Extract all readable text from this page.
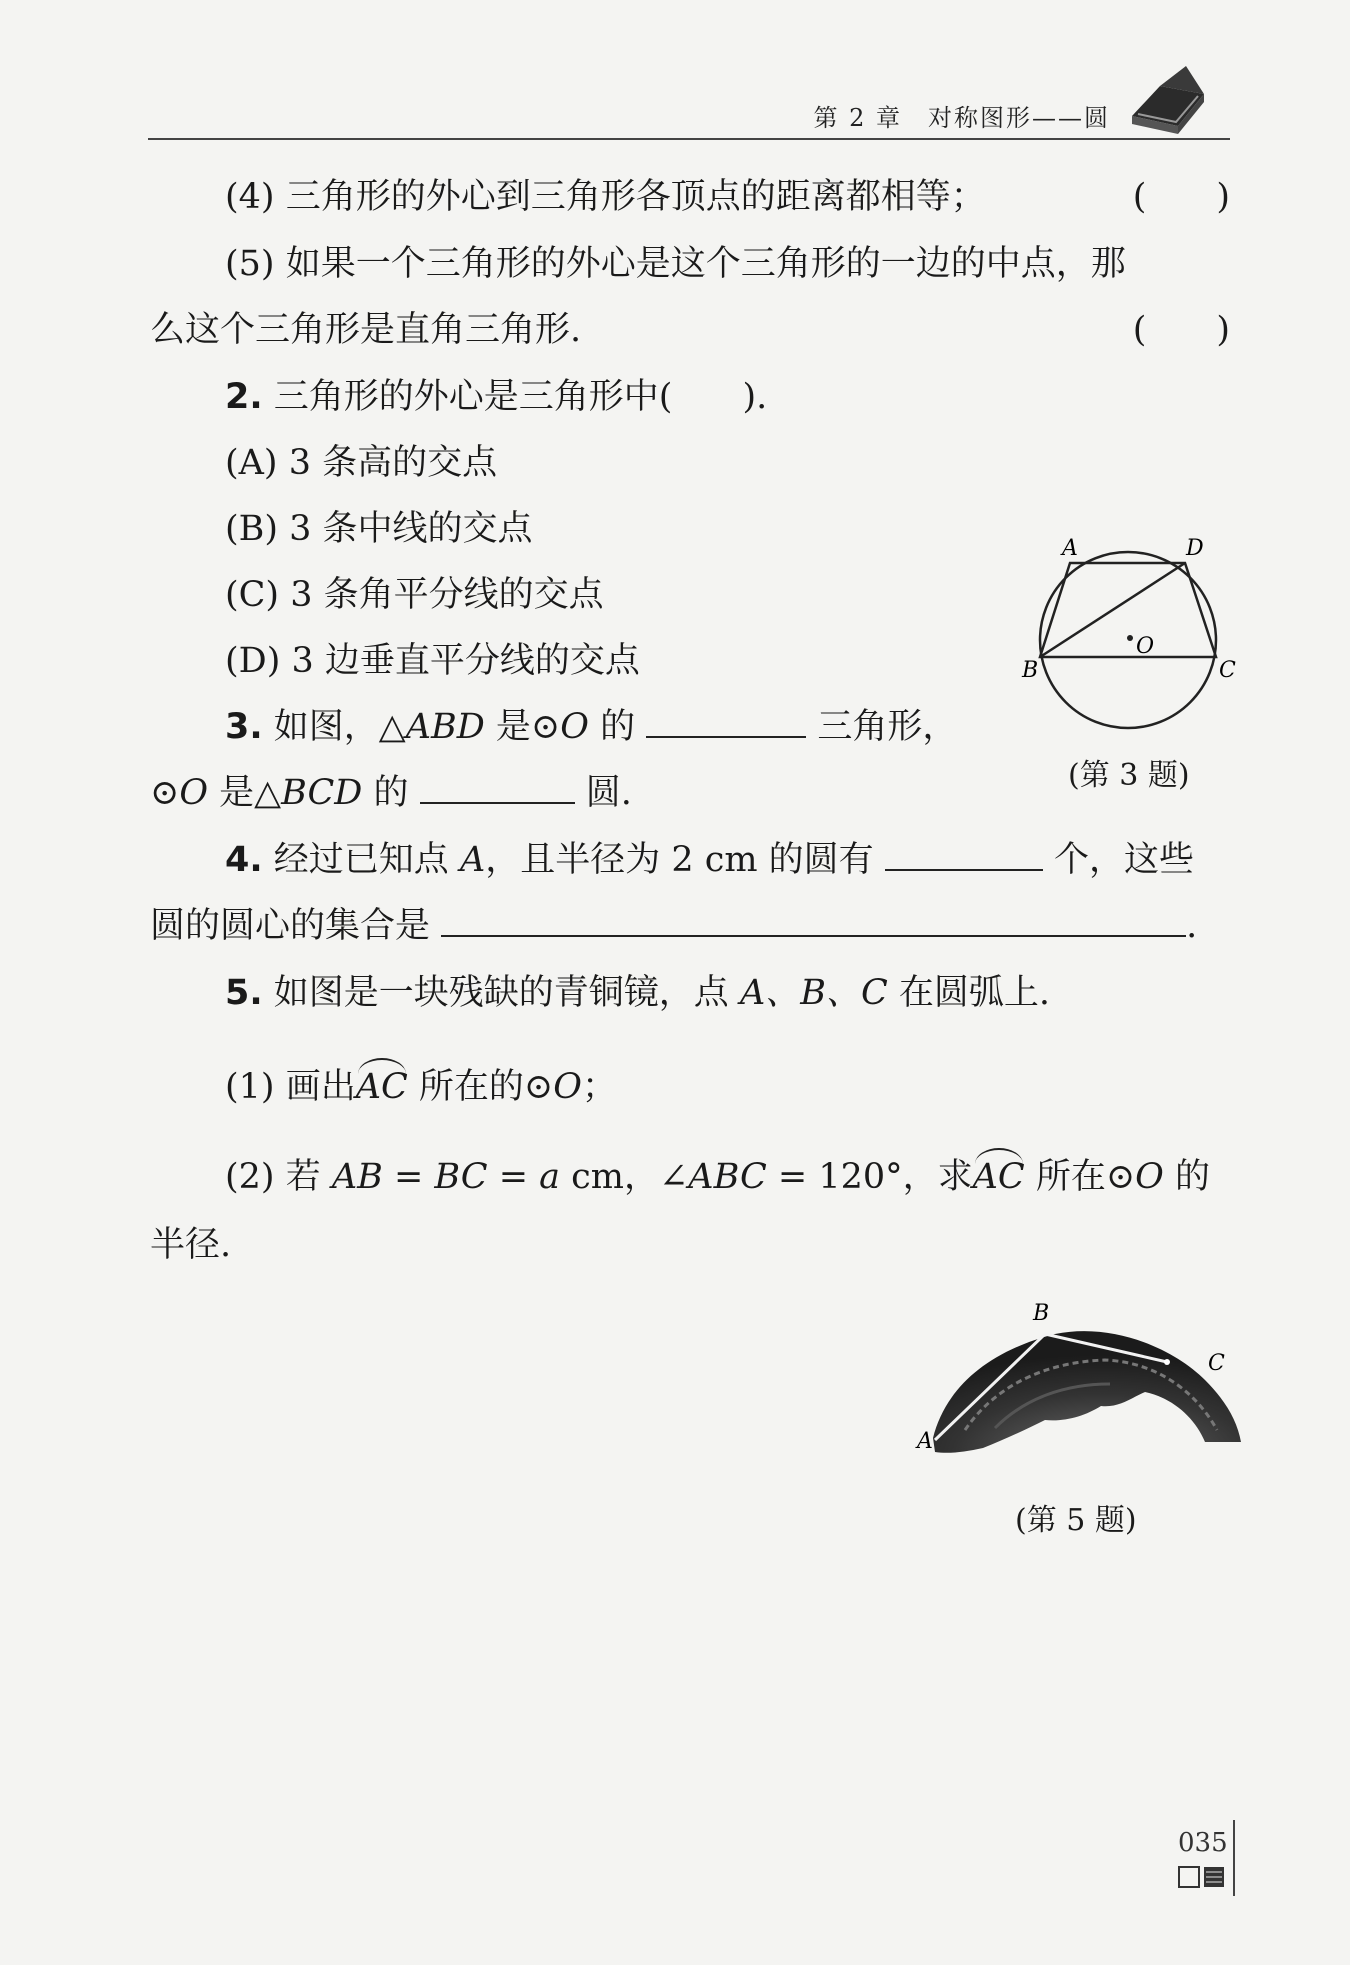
第 2 章　对称图形——圆
(4) 三角形的外心到三角形各顶点的距离都相等；	(　　)
(5) 如果一个三角形的外心是这个三角形的一边的中点，那
么这个三角形是直角三角形.	(　　)
2. 三角形的外心是三角形中(　　).
(A) 3 条高的交点
(B) 3 条中线的交点
(C) 3 条角平分线的交点
(D) 3 边垂直平分线的交点
3. 如图，△ABD 是⊙O 的	三角形，
⊙O 是△BCD 的	圆.
4. 经过已知点 A，且半径为 2 cm 的圆有	个，这些
圆的圆心的集合是	.
5. 如图是一块残缺的青铜镜，点 A、B、C 在圆弧上.
(1) 画出AC 所在的⊙O；
(2) 若 AB = BC = a cm，∠ABC = 120°，求AC 所在⊙O 的
半径.
A	D
B	C
O
(第 3 题)
A
B
C
(第 5 题)
035
